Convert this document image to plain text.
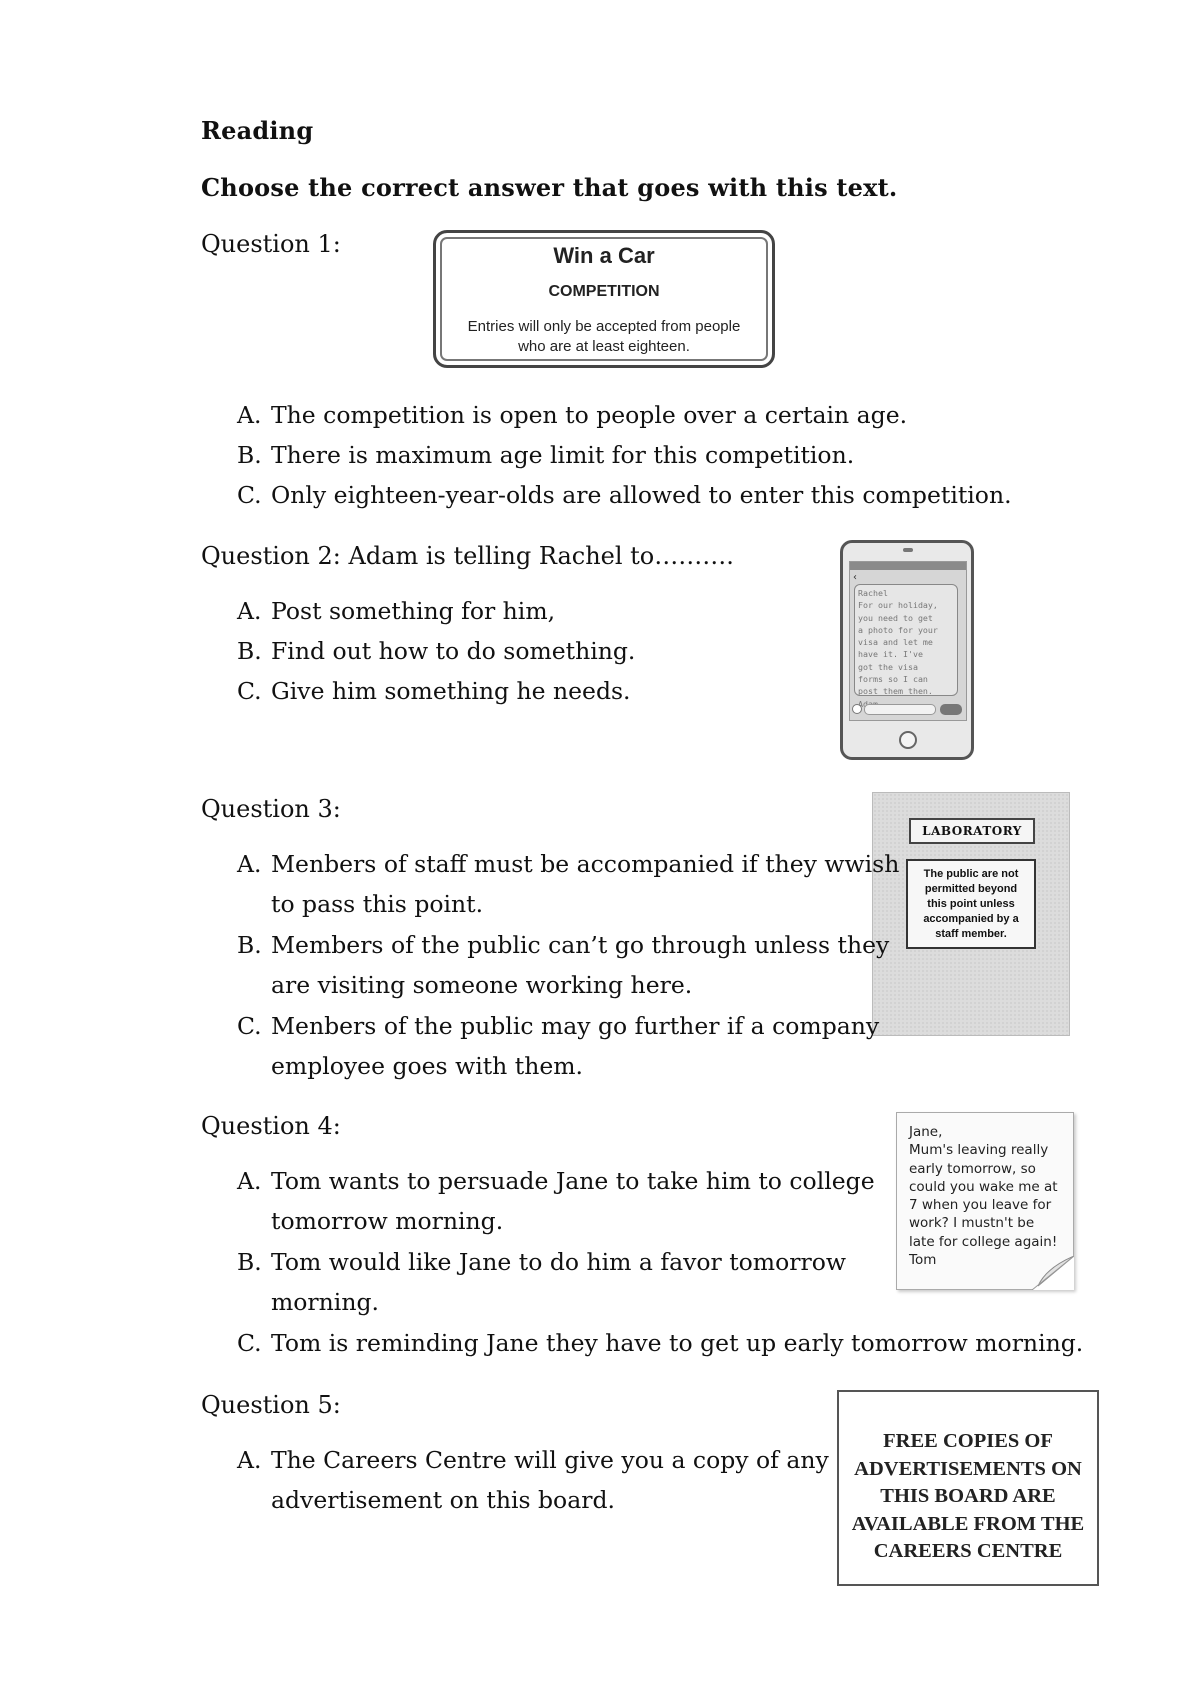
Reading
Choose the correct answer that goes with this text.
Question 1:	Win a Car
COMPETITION
Entries will only be accepted from people
who are at least eighteen.
A. The competition is open to people over a certain age.
B. There is maximum age limit for this competition.
C. Only eighteen-year-olds are allowed to enter this competition.
Question 2: Adam is telling Rachel to……….
‹
Rachel
For our holiday,
you need to get
a photo for your
visa and let me
have it. I've
got the visa
forms so I can
post them then.
A. Post something for him,
B. Find out how to do something.
C. Give him something he needs.
Question 3:
LABORATORY
The public are not
permitted beyond
this point unless
accompanied by a
staff member.
A. Menbers of staff must be accompanied if they wwish
to pass this point.
B. Members of the public can’t go through unless they
are visiting someone working here.
C. Menbers of the public may go further if a company
employee goes with them.
Question 4:	Jane,
Mum's leaving really
early tomorrow, so
could you wake me at
7 when you leave for
work? I mustn't be
late for college again!
Tom
A. Tom wants to persuade Jane to take him to college
tomorrow morning.
B. Tom would like Jane to do him a favor tomorrow
morning.
C. Tom is reminding Jane they have to get up early tomorrow morning.
Question 5:
FREE COPIES OF
ADVERTISEMENTS ON
THIS BOARD ARE
AVAILABLE FROM THE
CAREERS CENTRE
A. The Careers Centre will give you a copy of any
advertisement on this board.
